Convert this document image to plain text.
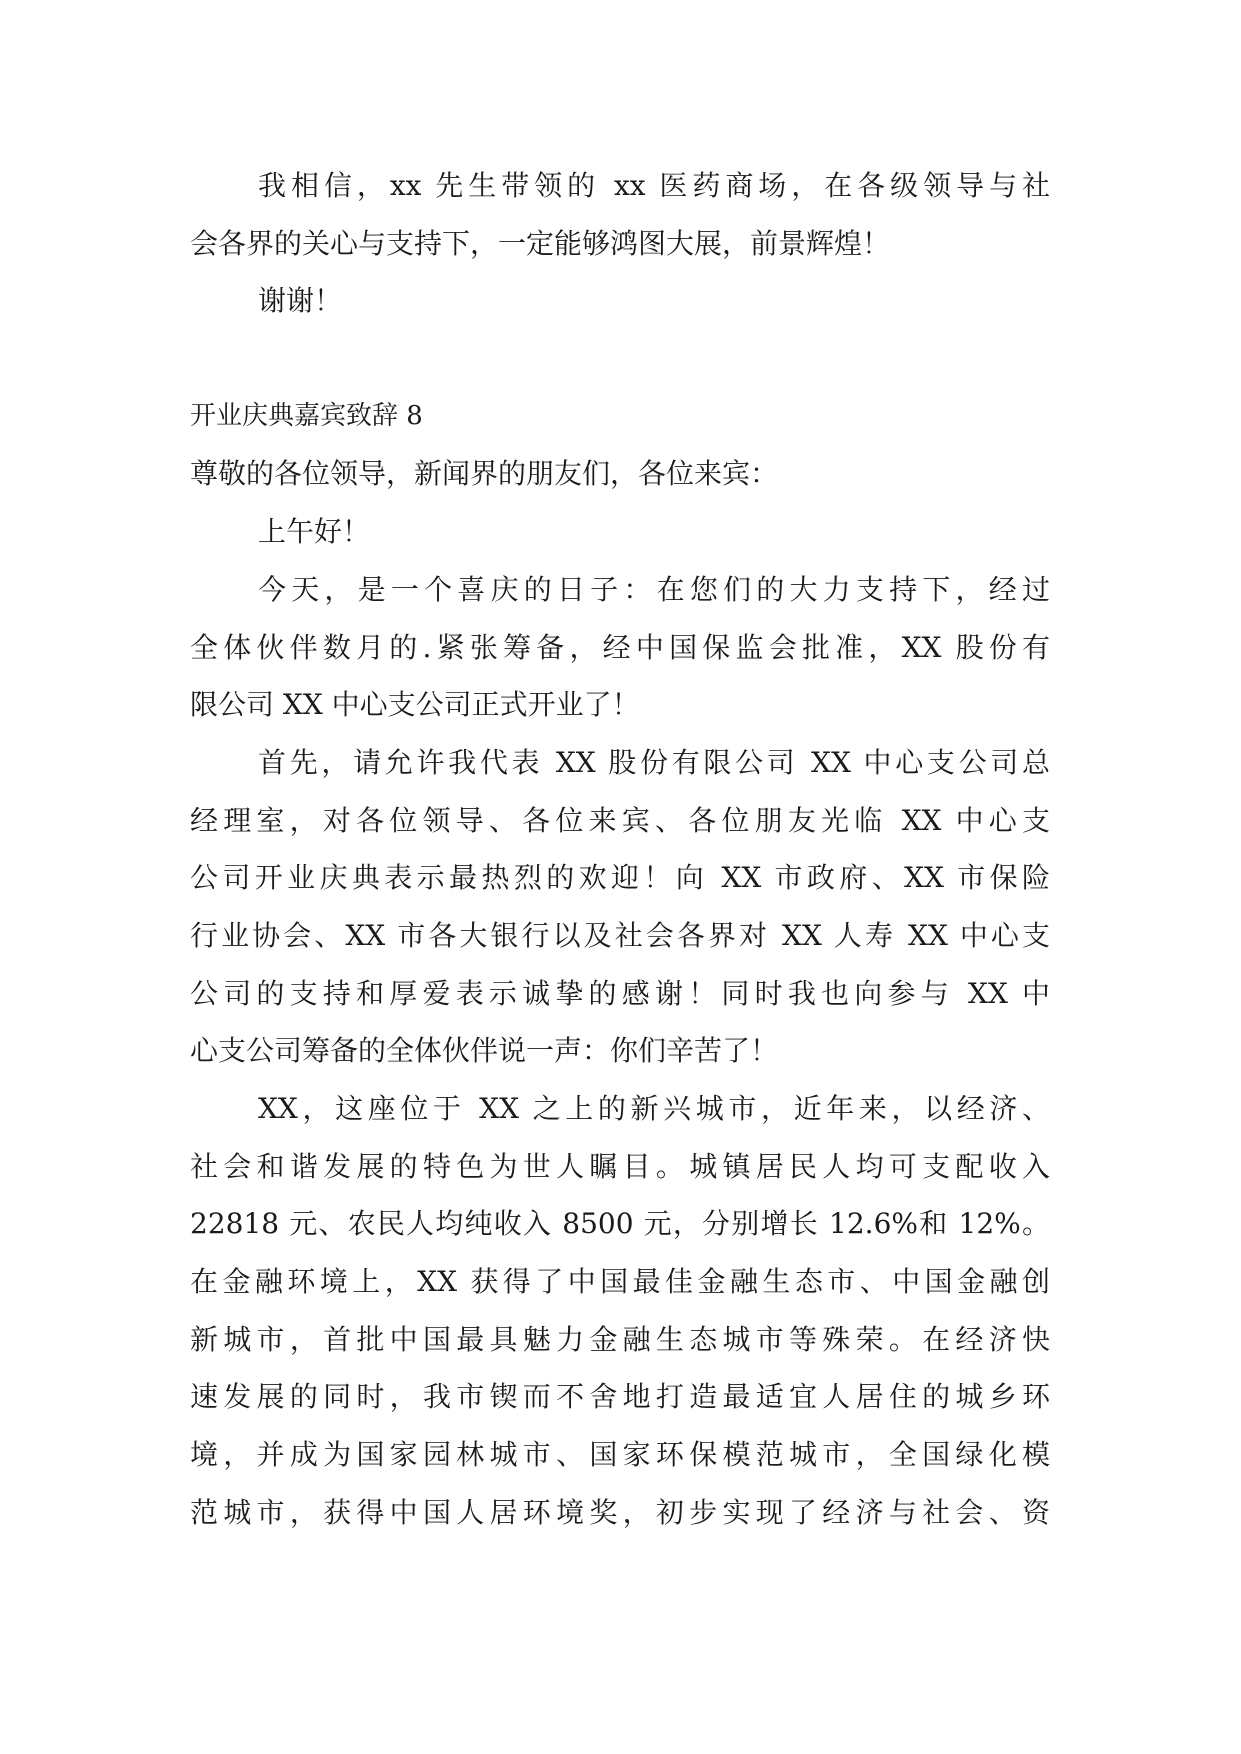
我相信，xx 先生带领的 xx 医药商场，在各级领导与社
会各界的关心与支持下，一定能够鸿图大展，前景辉煌！
谢谢！
开业庆典嘉宾致辞 8
尊敬的各位领导，新闻界的朋友们，各位来宾：
上午好！
今天，是一个喜庆的日子：在您们的大力支持下，经过
全体伙伴数月的.紧张筹备，经中国保监会批准，XX 股份有
限公司 XX 中心支公司正式开业了！
首先，请允许我代表 XX 股份有限公司 XX 中心支公司总
经理室，对各位领导、各位来宾、各位朋友光临 XX 中心支
公司开业庆典表示最热烈的欢迎！向 XX 市政府、XX 市保险
行业协会、XX 市各大银行以及社会各界对 XX 人寿 XX 中心支
公司的支持和厚爱表示诚挚的感谢！同时我也向参与 XX 中
心支公司筹备的全体伙伴说一声：你们辛苦了！
XX，这座位于 XX 之上的新兴城市，近年来，以经济、
社会和谐发展的特色为世人瞩目。城镇居民人均可支配收入
22818 元、农民人均纯收入 8500 元，分别增长 12.6%和 12%。
在金融环境上，XX 获得了中国最佳金融生态市、中国金融创
新城市，首批中国最具魅力金融生态城市等殊荣。在经济快
速发展的同时，我市锲而不舍地打造最适宜人居住的城乡环
境，并成为国家园林城市、国家环保模范城市，全国绿化模
范城市，获得中国人居环境奖，初步实现了经济与社会、资
